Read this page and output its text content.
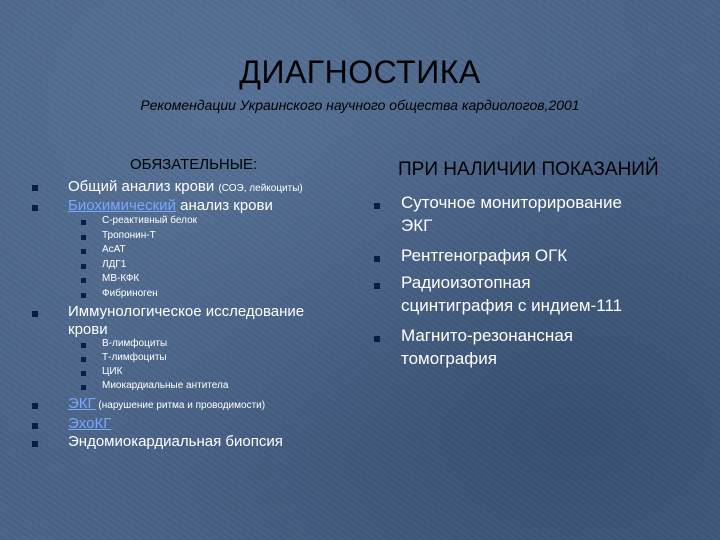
ДИАГНОСТИКА
Рекомендации Украинского научного общества кардиологов,2001
ОБЯЗАТЕЛЬНЫЕ:
Общий анализ крови (СОЭ, лейкоциты)
Биохимический анализ крови
С-реактивный белок
Тропонин-Т
АсАТ
ЛДГ1
МВ-КФК
Фибриноген
Иммунологическое исследование
крови
В-лимфоциты
Т-лимфоциты
ЦИК
Миокардиальные антитела
ЭКГ (нарушение ритма и проводимости)
ЭхоКГ
Эндомиокардиальная биопсия
ПРИ НАЛИЧИИ ПОКАЗАНИЙ
Суточное мониторирование
ЭКГ
Рентгенография ОГК
Радиоизотопная
сцинтиграфия с индием-111
Магнито-резонансная
томография
